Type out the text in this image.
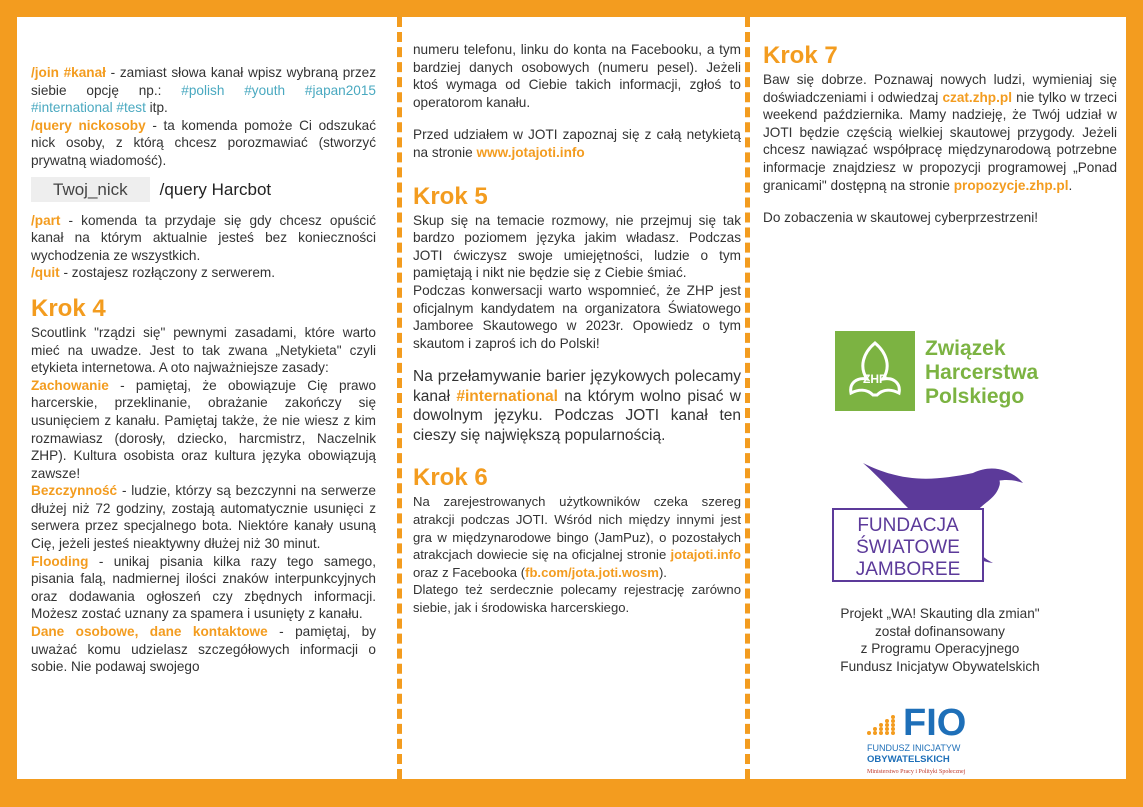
/join #kanał - zamiast słowa kanał wpisz wybraną przez siebie opcję np.: #polish #youth #japan2015 #international #test itp.

/query nickosoby - ta komenda pomoże Ci odszukać nick osoby, z którą chcesz porozmawiać (stworzyć prywatną wiadomość).

Twoj_nick	/query Harcbot

/part - komenda ta przydaje się gdy chcesz opuścić kanał na którym aktualnie jesteś bez konieczności wychodzenia ze wszystkich.

/quit - zostajesz rozłączony z serwerem.

Krok 4

Scoutlink "rządzi się" pewnymi zasadami, które warto mieć na uwadze. Jest to tak zwana „Netykieta" czyli etykieta internetowa. A oto najważniejsze zasady:

Zachowanie - pamiętaj, że obowiązuje Cię prawo harcerskie, przeklinanie, obrażanie zakończy się usunięciem z kanału. Pamiętaj także, że nie wiesz z kim rozmawiasz (dorosły, dziecko, harcmistrz, Naczelnik ZHP). Kultura osobista oraz kultura języka obowiązują zawsze!

Bezczynność - ludzie, którzy są bezczynni na serwerze dłużej niż 72 godziny, zostają automatycznie usunięci z serwera przez specjalnego bota. Niektóre kanały usuną Cię, jeżeli jesteś nieaktywny dłużej niż 30 minut.

Flooding - unikaj pisania kilka razy tego samego, pisania falą, nadmiernej ilości znaków interpunkcyjnych oraz dodawania ogłoszeń czy zbędnych informacji. Możesz zostać uznany za spamera i usunięty z kanału.

Dane osobowe, dane kontaktowe - pamiętaj, by uważać komu udzielasz szczegółowych informacji o sobie. Nie podawaj swojego

numeru telefonu, linku do konta na Facebooku, a tym bardziej danych osobowych (numeru pesel). Jeżeli ktoś wymaga od Ciebie takich informacji, zgłoś to operatorom kanału.

Przed udziałem w JOTI zapoznaj się z całą netykietą na stronie www.jotajoti.info

Krok 5

Skup się na temacie rozmowy, nie przejmuj się tak bardzo poziomem języka jakim władasz. Podczas JOTI ćwiczysz swoje umiejętności, ludzie o tym pamiętają i nikt nie będzie się z Ciebie śmiać.

Podczas konwersacji warto wspomnieć, że ZHP jest oficjalnym kandydatem na organizatora Światowego Jamboree Skautowego w 2023r. Opowiedz o tym skautom i zaproś ich do Polski!

Na przełamywanie barier językowych polecamy kanał #international na którym wolno pisać w dowolnym języku. Podczas JOTI kanał ten cieszy się największą popularnością.

Krok 6

Na zarejestrowanych użytkowników czeka szereg atrakcji podczas JOTI. Wśród nich między innymi jest gra w międzynarodowe bingo (JamPuz), o pozostałych atrakcjach dowiecie się na oficjalnej stronie jotajoti.info oraz z Facebooka (fb.com/jota.joti.wosm).

Dlatego też serdecznie polecamy rejestrację zarówno siebie, jak i środowiska harcerskiego.

Krok 7

Baw się dobrze. Poznawaj nowych ludzi, wymieniaj się doświadczeniami i odwiedzaj czat.zhp.pl nie tylko w trzeci weekend października. Mamy nadzieję, że Twój udział w JOTI będzie częścią wielkiej skautowej przygody. Jeżeli chcesz nawiązać współpracę międzynarodową potrzebne informacje znajdziesz w propozycji programowej „Ponad granicami" dostępną na stronie propozycje.zhp.pl.

Do zobaczenia w skautowej cyberprzestrzeni!

ZHP
Związek
Harcerstwa
Polskiego
FUNDACJA
ŚWIATOWE
JAMBOREE

Projekt „WA! Skauting dla zmian"

został dofinansowany

z Programu Operacyjnego

Fundusz Inicjatyw Obywatelskich

FIO
FUNDUSZ INICJATYW
OBYWATELSKICH
Ministerstwo Pracy i Polityki Społecznej
